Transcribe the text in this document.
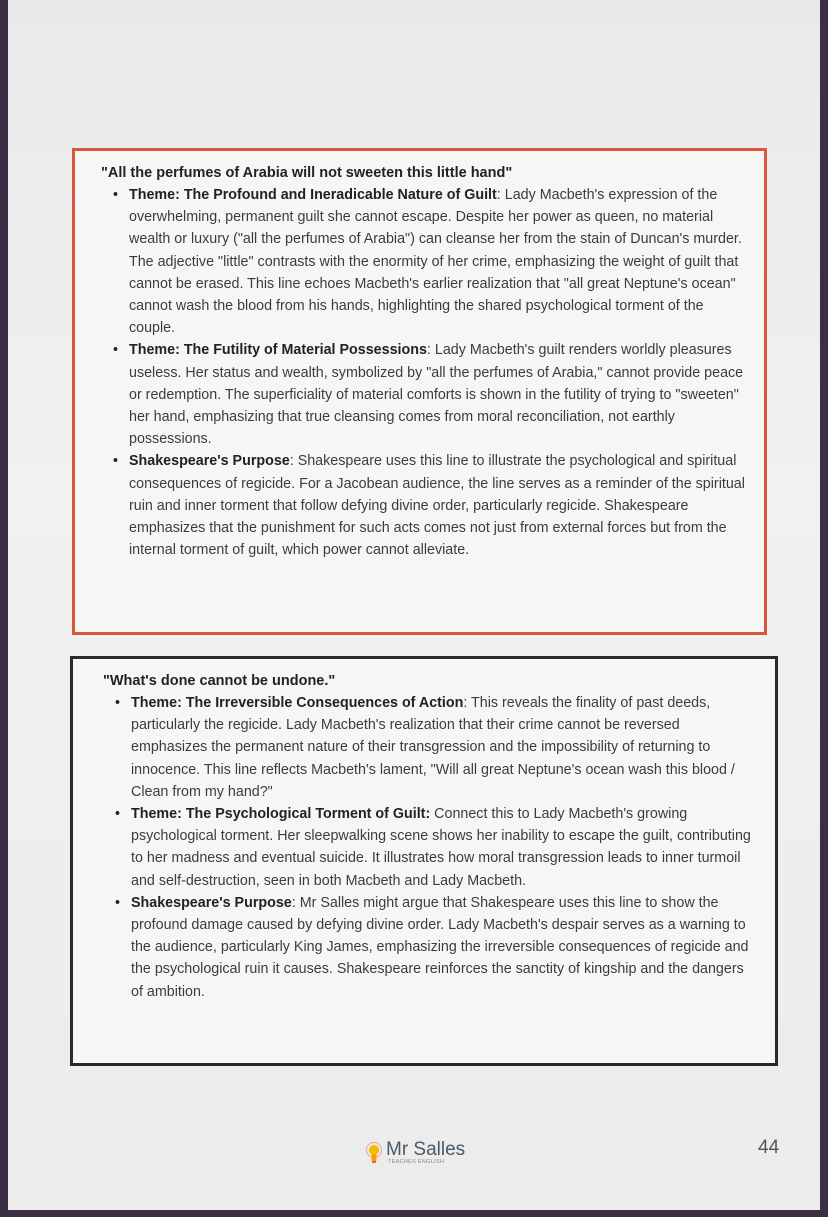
"All the perfumes of Arabia will not sweeten this little hand"

• Theme: The Profound and Ineradicable Nature of Guilt: Lady Macbeth's expression of the overwhelming, permanent guilt she cannot escape. Despite her power as queen, no material wealth or luxury ("all the perfumes of Arabia") can cleanse her from the stain of Duncan's murder. The adjective "little" contrasts with the enormity of her crime, emphasizing the weight of guilt that cannot be erased. This line echoes Macbeth's earlier realization that "all great Neptune's ocean" cannot wash the blood from his hands, highlighting the shared psychological torment of the couple.
• Theme: The Futility of Material Possessions: Lady Macbeth's guilt renders worldly pleasures useless. Her status and wealth, symbolized by "all the perfumes of Arabia," cannot provide peace or redemption. The superficiality of material comforts is shown in the futility of trying to "sweeten" her hand, emphasizing that true cleansing comes from moral reconciliation, not earthly possessions.
• Shakespeare's Purpose: Shakespeare uses this line to illustrate the psychological and spiritual consequences of regicide. For a Jacobean audience, the line serves as a reminder of the spiritual ruin and inner torment that follow defying divine order, particularly regicide. Shakespeare emphasizes that the punishment for such acts comes not just from external forces but from the internal torment of guilt, which power cannot alleviate.

"What's done cannot be undone."

• Theme: The Irreversible Consequences of Action: This reveals the finality of past deeds, particularly the regicide. Lady Macbeth's realization that their crime cannot be reversed emphasizes the permanent nature of their transgression and the impossibility of returning to innocence. This line reflects Macbeth's lament, "Will all great Neptune's ocean wash this blood / Clean from my hand?"
• Theme: The Psychological Torment of Guilt: Connect this to Lady Macbeth's growing psychological torment. Her sleepwalking scene shows her inability to escape the guilt, contributing to her madness and eventual suicide. It illustrates how moral transgression leads to inner turmoil and self-destruction, seen in both Macbeth and Lady Macbeth.
• Shakespeare's Purpose: Mr Salles might argue that Shakespeare uses this line to show the profound damage caused by defying divine order. Lady Macbeth's despair serves as a warning to the audience, particularly King James, emphasizing the irreversible consequences of regicide and the psychological ruin it causes. Shakespeare reinforces the sanctity of kingship and the dangers of ambition.
Mr Salles
TEACHES ENGLISH
44
